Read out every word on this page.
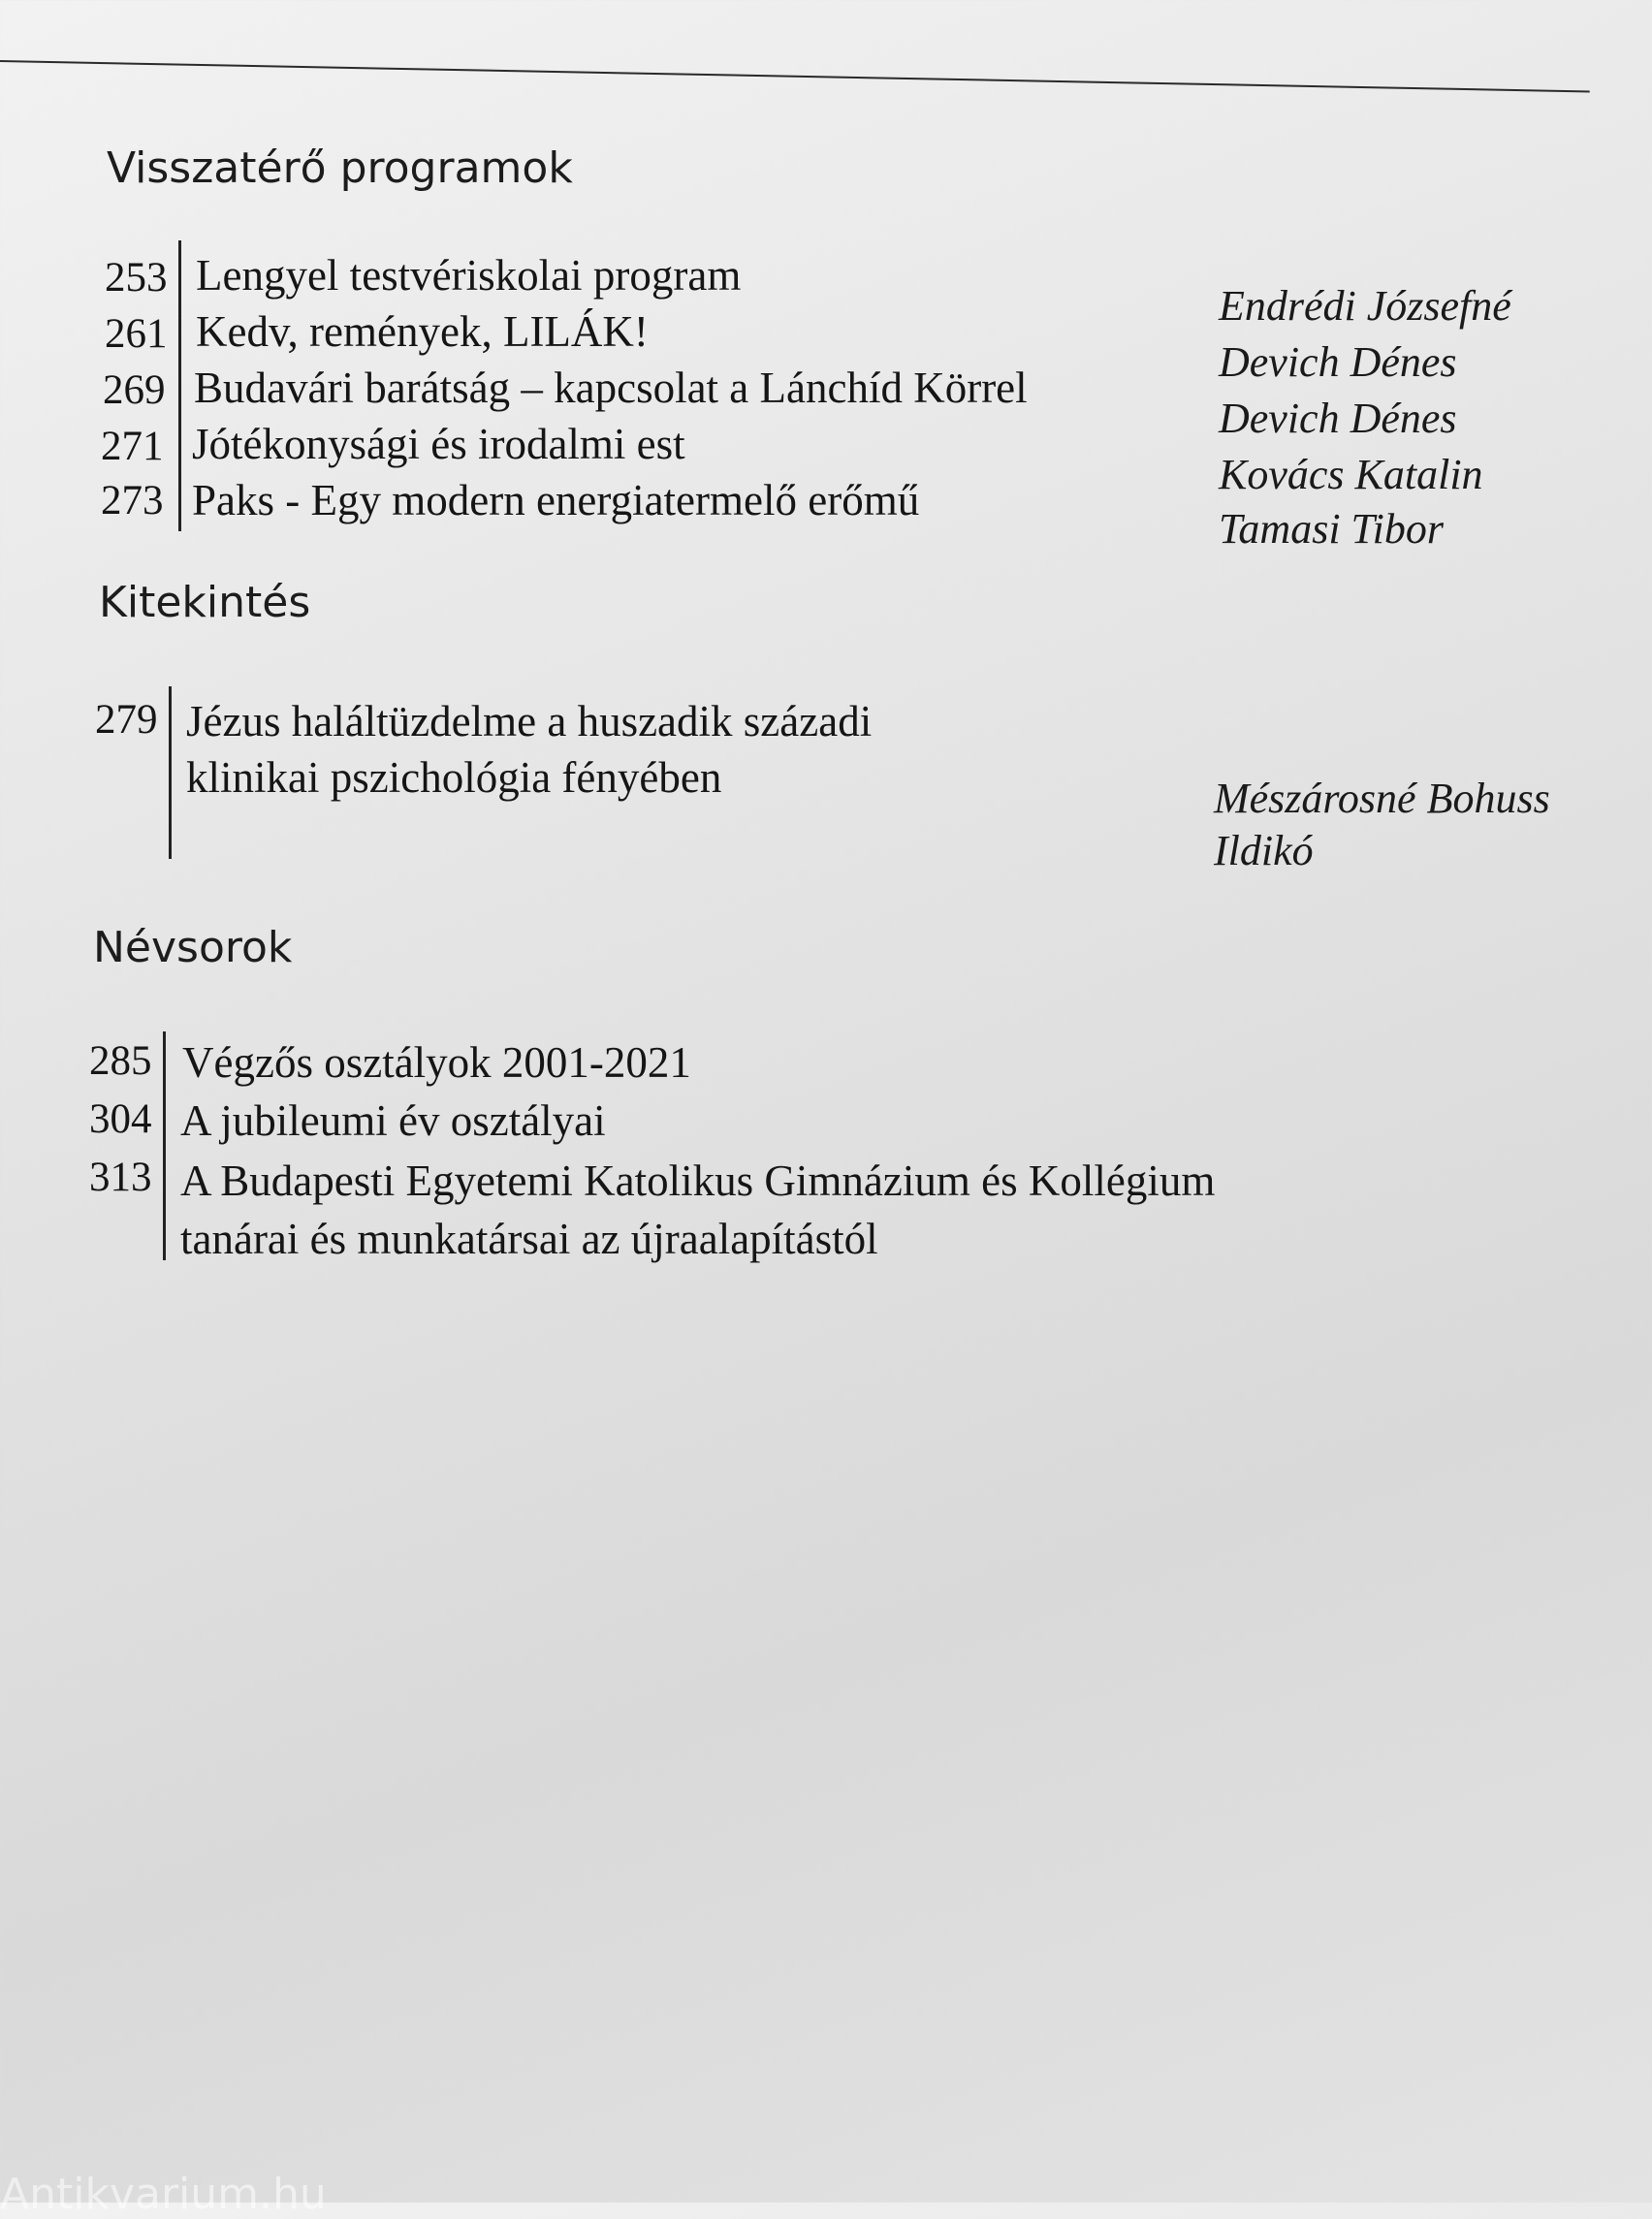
Visszatérő programok
253 Lengyel testvériskolai program
Endrédi Józsefné
261 Kedv, remények, LILÁK!
Devich Dénes
269 Budavári barátság – kapcsolat a Lánchíd Körrel
Devich Dénes
271 Jótékonysági és irodalmi est
Kovács Katalin
273 Paks - Egy modern energiatermelő erőmű
Tamasi Tibor
Kitekintés
279 Jézus haláltüzdelme a huszadik századi
klinikai pszichológia fényében	Mészárosné Bohuss
Ildikó
Névsorok
285 Végzős osztályok 2001-2021
304 A jubileumi év osztályai
313 A Budapesti Egyetemi Katolikus Gimnázium és Kollégium
tanárai és munkatársai az újraalapítástól
Antikvarium.hu
